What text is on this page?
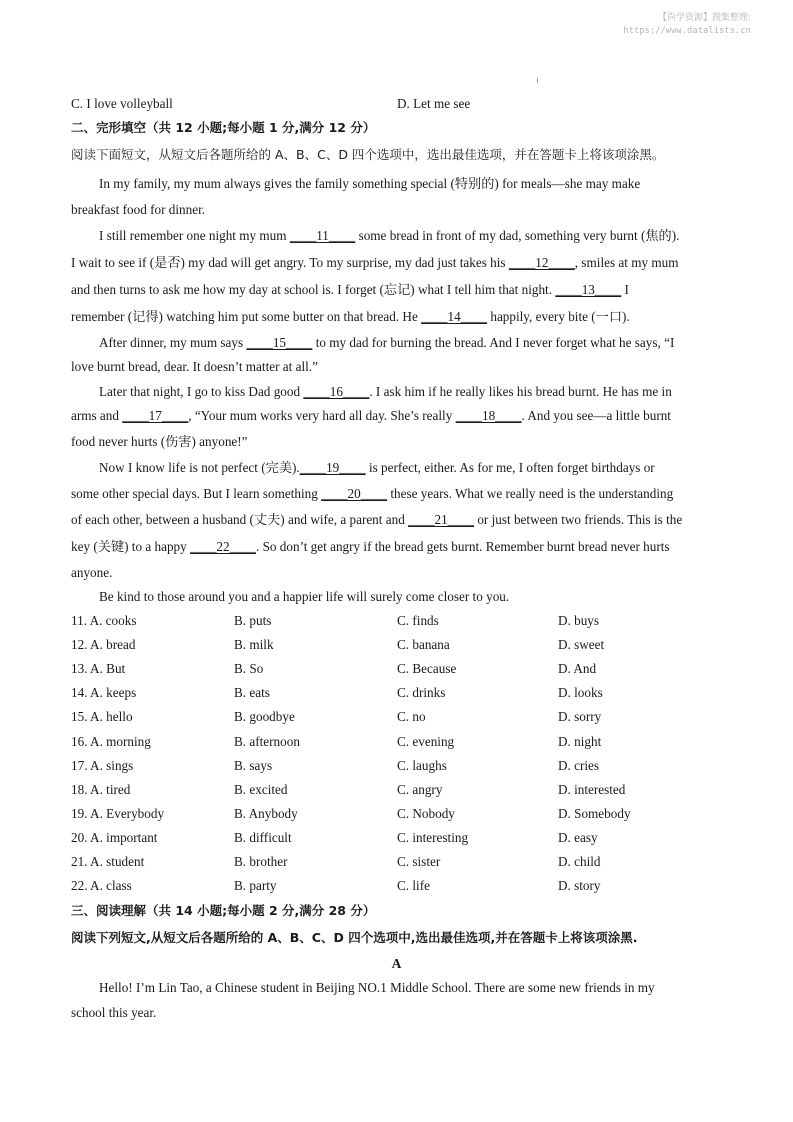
【尚学资源】搜集整理:
https://www.datalists.cn
C. I love volleyball	D. Let me see
二、完形填空（共 12 小题;每小题 1 分,满分 12 分）
阅读下面短文，从短文后各题所给的 A、B、C、D 四个选项中，选出最佳选项，并在答题卡上将该项涂黑。
In my family, my mum always gives the family something special (特别的) for meals—she may make
breakfast food for dinner.
I still remember one night my mum ____11____ some bread in front of my dad, something very burnt (焦的).
I wait to see if (是否) my dad will get angry. To my surprise, my dad just takes his ____12____, smiles at my mum
and then turns to ask me how my day at school is. I forget (忘记) what I tell him that night. ____13____ I
remember (记得) watching him put some butter on that bread. He ____14____ happily, every bite (一口).
After dinner, my mum says ____15____ to my dad for burning the bread. And I never forget what he says, “I
love burnt bread, dear. It doesn’t matter at all.”
Later that night, I go to kiss Dad good ____16____. I ask him if he really likes his bread burnt. He has me in
arms and ____17____, “Your mum works very hard all day. She’s really ____18____. And you see—a little burnt
food never hurts (伤害) anyone!”
Now I know life is not perfect (完美).____19____ is perfect, either. As for me, I often forget birthdays or
some other special days. But I learn something ____20____ these years. What we really need is the understanding
of each other, between a husband (丈夫) and wife, a parent and ____21____ or just between two friends. This is the
key (关键) to a happy ____22____. So don’t get angry if the bread gets burnt. Remember burnt bread never hurts
anyone.
Be kind to those around you and a happier life will surely come closer to you.
11. A. cooks	B. puts	C. finds	D. buys
12. A. bread	B. milk	C. banana	D. sweet
13. A. But	B. So	C. Because	D. And
14. A. keeps	B. eats	C. drinks	D. looks
15. A. hello	B. goodbye	C. no	D. sorry
16. A. morning	B. afternoon	C. evening	D. night
17. A. sings	B. says	C. laughs	D. cries
18. A. tired	B. excited	C. angry	D. interested
19. A. Everybody	B. Anybody	C. Nobody	D. Somebody
20. A. important	B. difficult	C. interesting	D. easy
21. A. student	B. brother	C. sister	D. child
22. A. class	B. party	C. life	D. story
三、阅读理解（共 14 小题;每小题 2 分,满分 28 分）
阅读下列短文,从短文后各题所给的 A、B、C、D 四个选项中,选出最佳选项,并在答题卡上将该项涂黑.
A
Hello! I’m Lin Tao, a Chinese student in Beijing NO.1 Middle School. There are some new friends in my
school this year.
